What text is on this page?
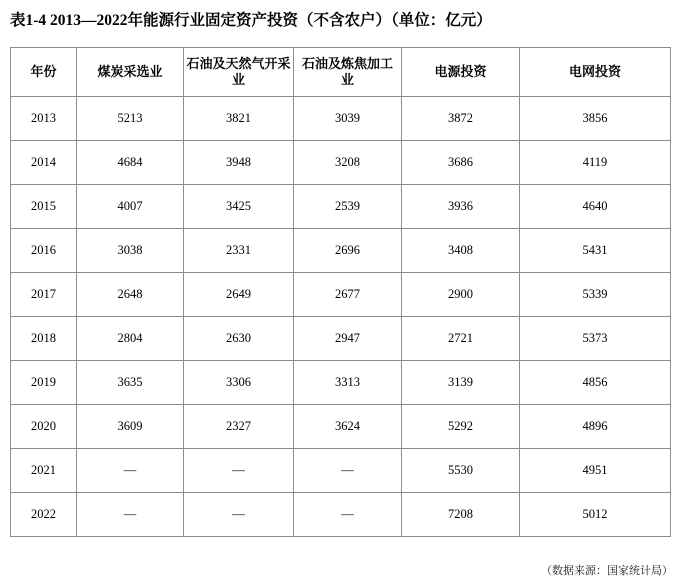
表1-4 2013—2022年能源行业固定资产投资（不含农户）（单位：亿元）
年份	煤炭采选业	石油及天然气开采业	石油及炼焦加工业	电源投资	电网投资
2013	5213	3821	3039	3872	3856
2014	4684	3948	3208	3686	4119
2015	4007	3425	2539	3936	4640
2016	3038	2331	2696	3408	5431
2017	2648	2649	2677	2900	5339
2018	2804	2630	2947	2721	5373
2019	3635	3306	3313	3139	4856
2020	3609	2327	3624	5292	4896
2021	—	—	—	5530	4951
2022	—	—	—	7208	5012
（数据来源：国家统计局）
